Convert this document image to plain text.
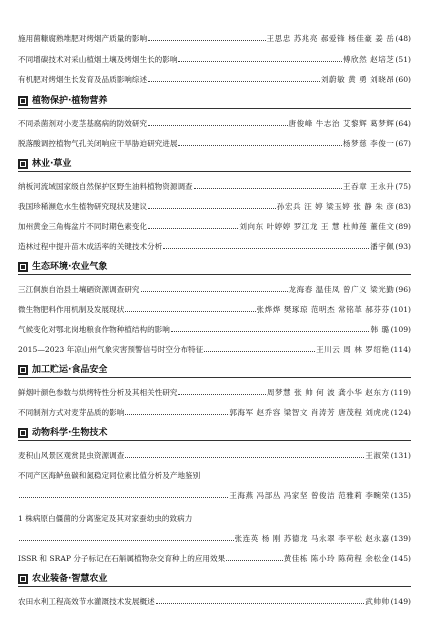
施用菌糠腐熟堆肥对烤烟产质量的影响	王思忠 苏兆亮 郝爱锋 杨佳豪 姜 岳 (48)
不同增碳技术对采山植烟土壤及烤烟生长的影响	傅欣然 赵培芝 (51)
有机肥对烤烟生长发育及品质影响综述	刘蔚敏 黄 勇 刘晓昂 (60)
植物保护·植物营养
不同杀菌剂对小麦茎基腐病的防效研究	唐俊峰 牛志治 艾黎辉 葛梦辉 (64)
脱落酸调控植物气孔关闭响应干旱胁迫研究进展	杨梦慈 李俊一 (67)
林业·草业
纳板河流域国家级自然保护区野生油料植物资源调查	王吞章 王永升 (75)
我国珍稀濒危水生植物研究现状及建议	孙宏兵 汪 婷 梁玉婷 张 静 朱 彦 (83)
加州黄金三角梅盆片不同时期色素变化	刘向东 叶婷婷 罗江龙 王 慧 杜帅莲 董佳文 (89)
造林过程中提升苗木成活率的关键技术分析	潘宇佩 (93)
生态环境·农业气象
三江侗族自治县土壤硒资源调查研究	龙海春 温佳凤 曾广义 梁光勤 (96)
微生物肥料作用机制及发展现状	张烨烨 樊琢琼 范明杰 常铭革 郝芬芬 (101)
气候变化对鄂北岗地粮食作物种植结构的影响	韩 璐 (109)
2015—2023 年凉山州气象灾害预警信号时空分布特征	王川云 周 林 罗绍艳 (114)
加工贮运·食品安全
鲜烟叶颜色参数与烘烤特性分析及其相关性研究	周梦慧 张 帅 何 波 龚小华 赵东方 (119)
不同制剂方式对麦芽品质的影响	郭海军 赵乔容 梁智文 肖涛芳 唐茂程 刘虎虎 (124)
动物科学·生物技术
麦积山风景区观赏昆虫资源调查	王淑荣 (131)
不同产区海鲈鱼碳和氮稳定同位素比值分析及产地鉴别
王海燕 冯部丛 冯家坚 曾俊洁 范雅莉 李畹荣 (135)
1 株病原白僵菌的分离鉴定及其对家蚕幼虫的致病力
张连英 杨 刚 苏德龙 马永翠 李平松 赵永嘉 (139)
ISSR 和 SRAP 分子标记在石斛属植物杂交育种上的应用效果	黄佳栋 陈小玲 陈荷程 余松金 (145)
农业装备·智慧农业
农田水利工程高效节水灌溉技术发展概述	武帅帅 (149)
